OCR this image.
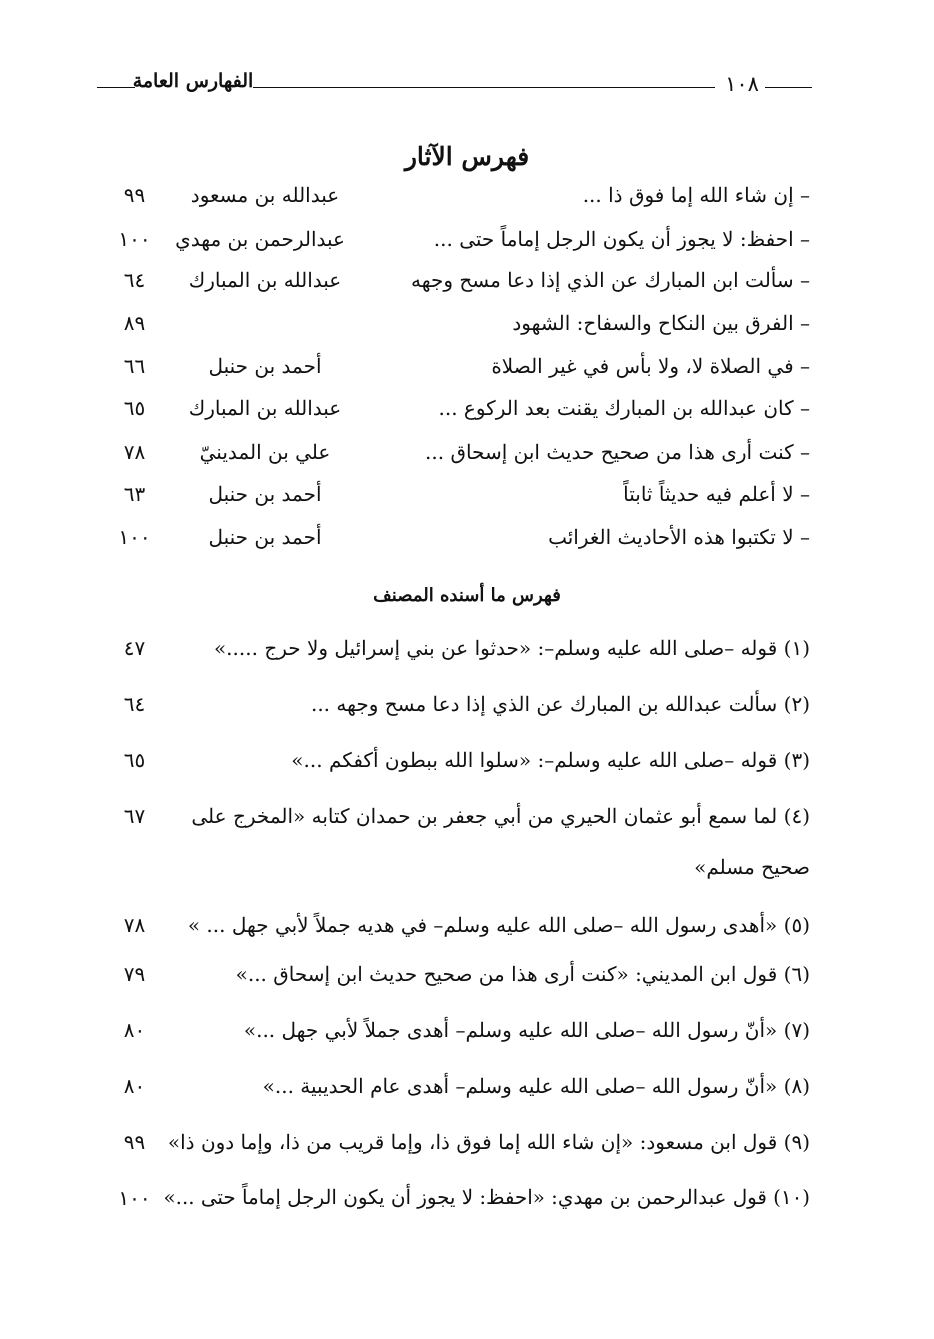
١٠٨
الفهارس العامة
فهرس الآثار
– إن شاء الله إما فوق ذا ...
عبدالله بن مسعود
٩٩
– احفظ: لا يجوز أن يكون الرجل إماماً حتى ...
عبدالرحمن بن مهدي
١٠٠
– سألت ابن المبارك عن الذي إذا دعا مسح وجهه
عبدالله بن المبارك
٦٤
– الفرق بين النكاح والسفاح: الشهود
٨٩
– في الصلاة لا، ولا بأس في غير الصلاة
أحمد بن حنبل
٦٦
– كان عبدالله بن المبارك يقنت بعد الركوع ...
عبدالله بن المبارك
٦٥
– كنت أرى هذا من صحيح حديث ابن إسحاق ...
علي بن المدينيّ
٧٨
– لا أعلم فيه حديثاً ثابتاً
أحمد بن حنبل
٦٣
– لا تكتبوا هذه الأحاديث الغرائب
أحمد بن حنبل
١٠٠
فهرس ما أسنده المصنف
(١) قوله –صلى الله عليه وسلم–: «حدثوا عن بني إسرائيل ولا حرج .....»
٤٧
(٢) سألت عبدالله بن المبارك عن الذي إذا دعا مسح وجهه ...
٦٤
(٣) قوله –صلى الله عليه وسلم–: «سلوا الله ببطون أكفكم ...»
٦٥
(٤) لما سمع أبو عثمان الحيري من أبي جعفر بن حمدان كتابه «المخرج على
صحيح مسلم»
٦٧
(٥) «أهدى رسول الله –صلى الله عليه وسلم– في هديه جملاً لأبي جهل ... »
٧٨
(٦) قول ابن المديني: «كنت أرى هذا من صحيح حديث ابن إسحاق ...»
٧٩
(٧) «أنّ رسول الله –صلى الله عليه وسلم– أهدى جملاً لأبي جهل ...»
٨٠
(٨) «أنّ رسول الله –صلى الله عليه وسلم– أهدى عام الحديبية ...»
٨٠
(٩) قول ابن مسعود: «إن شاء الله إما فوق ذا، وإما قريب من ذا، وإما دون ذا»
٩٩
(١٠) قول عبدالرحمن بن مهدي: «احفظ: لا يجوز أن يكون الرجل إماماً حتى ...»
١٠٠
